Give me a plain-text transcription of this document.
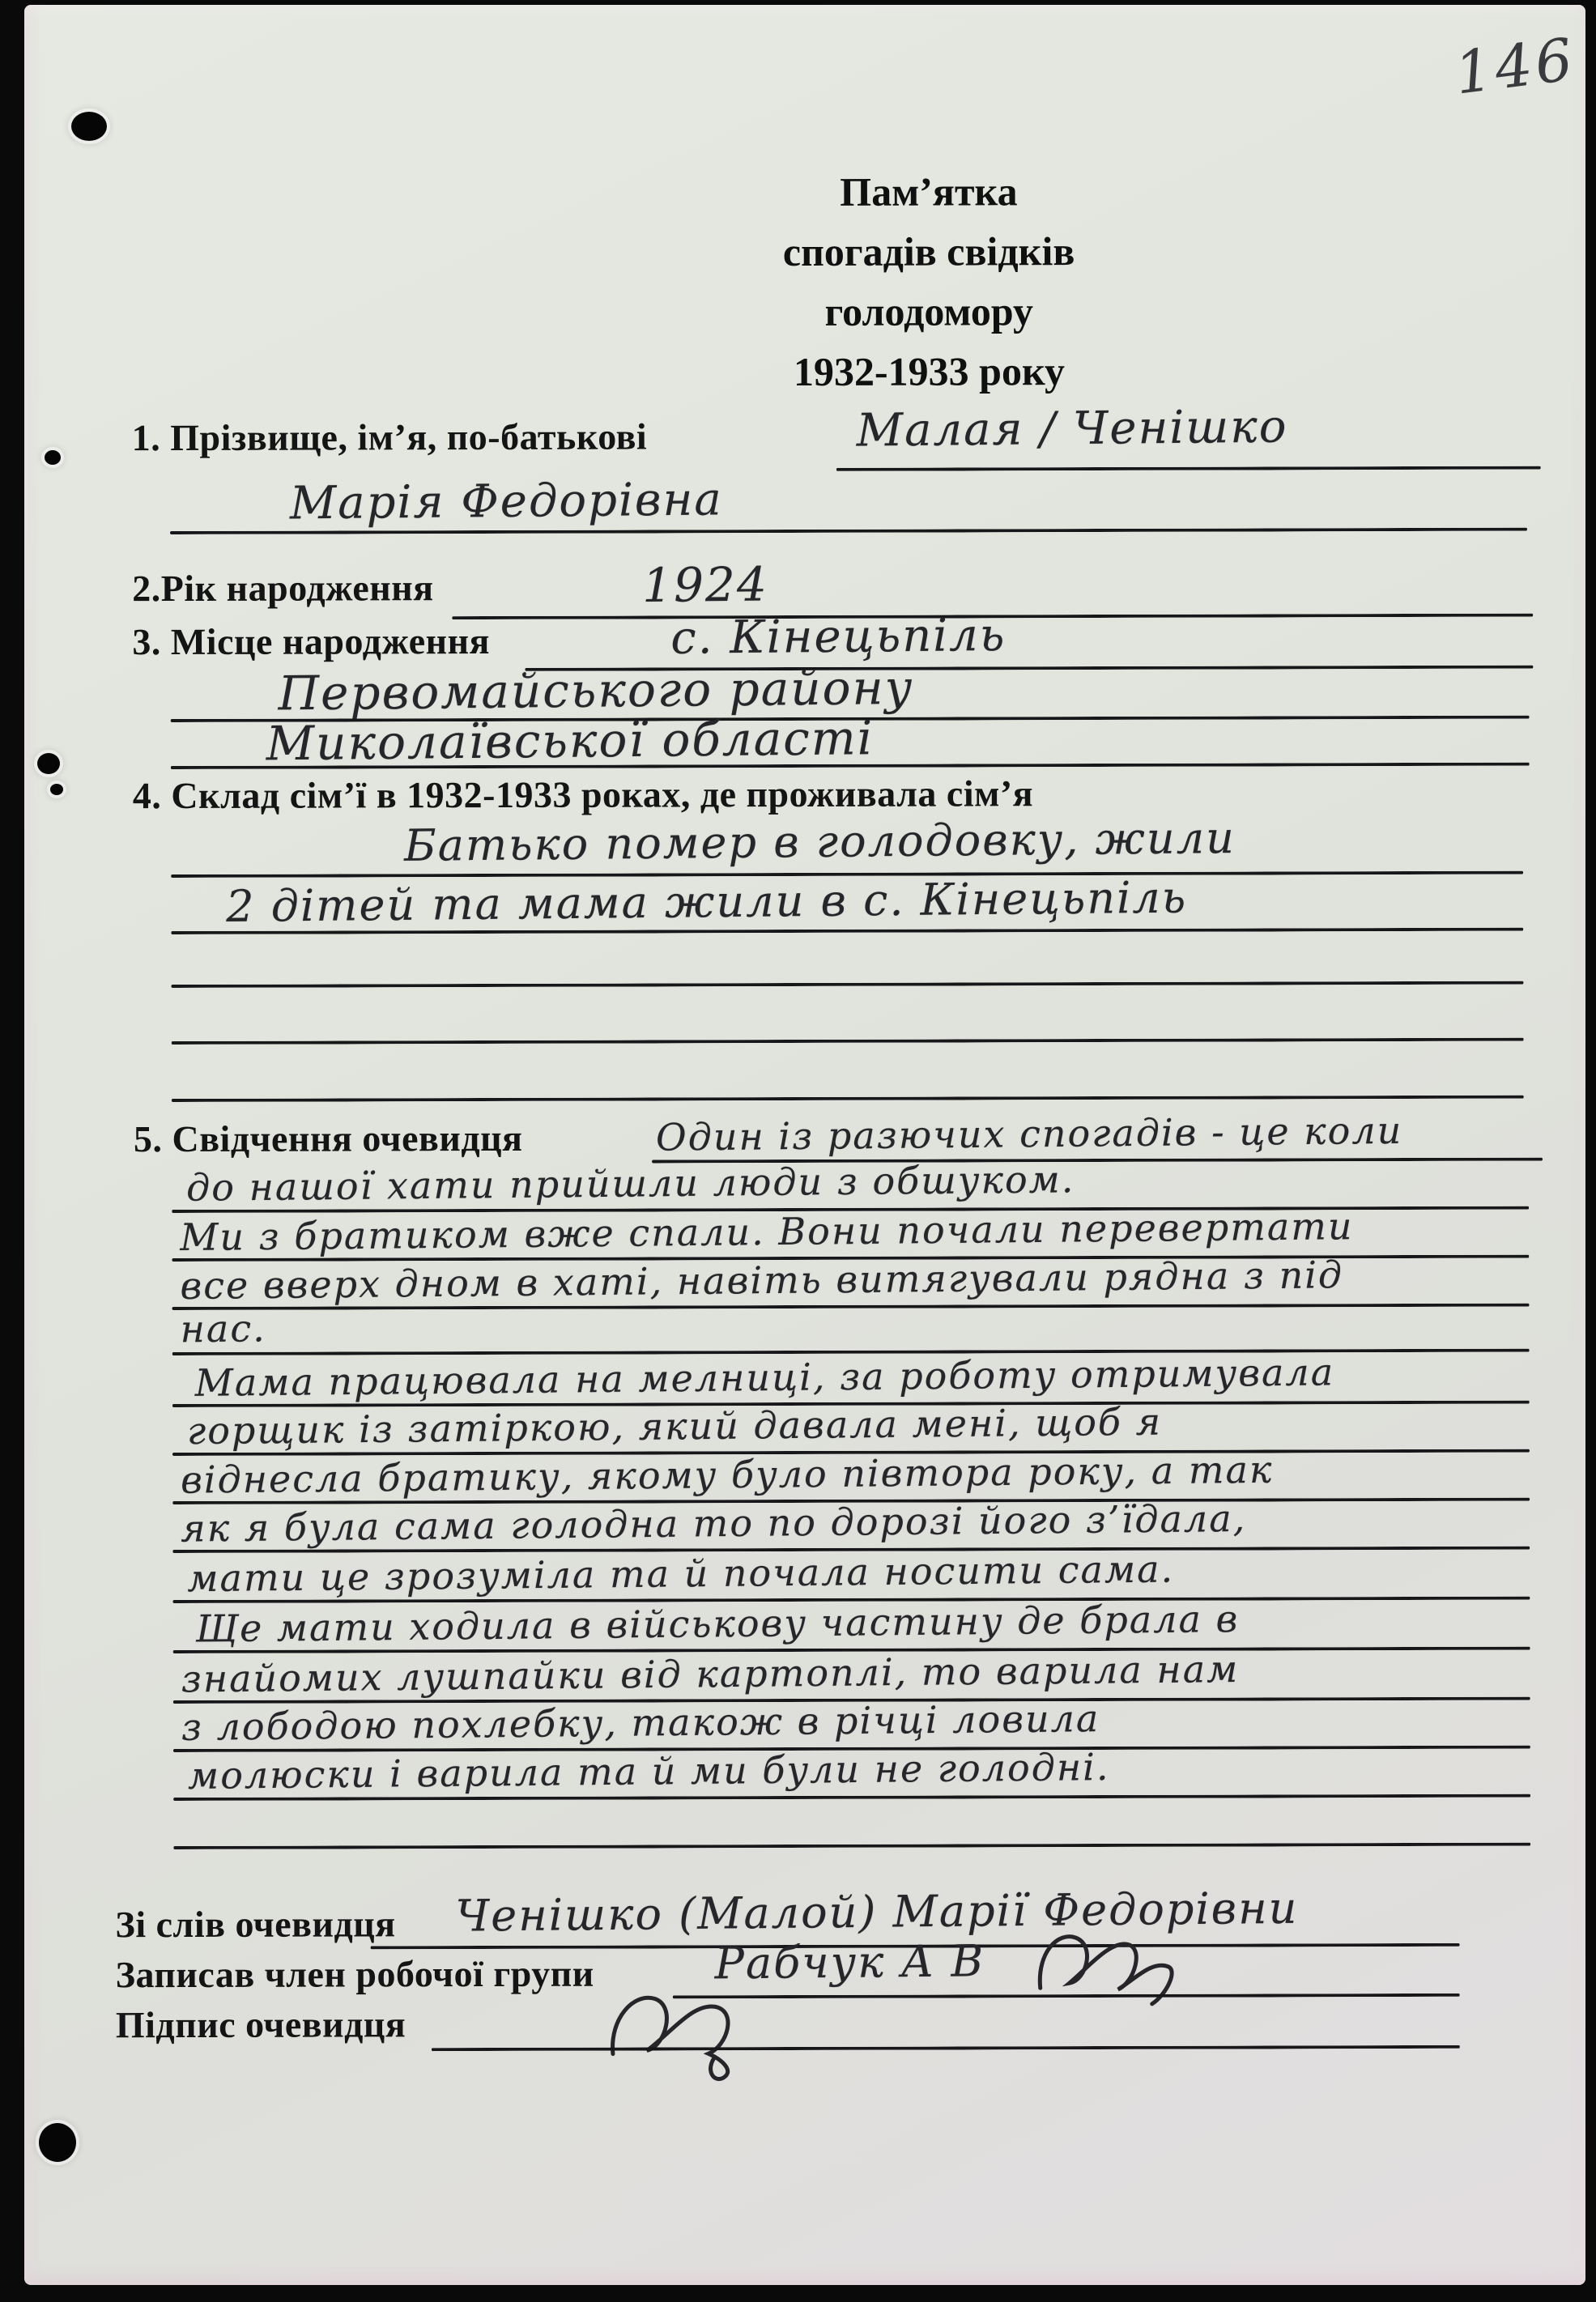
146
Пам’ятка
спогадів свідків
голодомору
1932-1933 року
1. Прізвище, ім’я, по-батькові	Малая / Ченішко
Марія Федорівна
2.Рік народження	1924
3. Місце народження	с. Кінецьпіль
Первомайського району
Миколаївської області
4. Склад сім’ї в 1932-1933 роках, де проживала сім’я
Батько помер в голодовку, жили
2 дітей та мама жили в с. Кінецьпіль
5. Свідчення очевидця	Один із разючих спогадів - це коли
до нашої хати прийшли люди з обшуком.
Ми з братиком вже спали. Вони почали перевертати
все вверх дном в хаті, навіть витягували рядна з під
нас.
Мама працювала на мелниці, за роботу отримувала
горщик із затіркою, який давала мені, щоб я
віднесла братику, якому було півтора року, а так
як я була сама голодна то по дорозі його з’їдала,
мати це зрозуміла та й почала носити сама.
Ще мати ходила в військову частину де брала в
знайомих лушпайки від картоплі, то варила нам
з лободою похлебку, також в річці ловила
молюски і варила та й ми були не голодні.
Зі слів очевидця Ченішко (Малой) Марії Федорівни
Записав член робочої групи	Рабчук А В
Підпис очевидця
